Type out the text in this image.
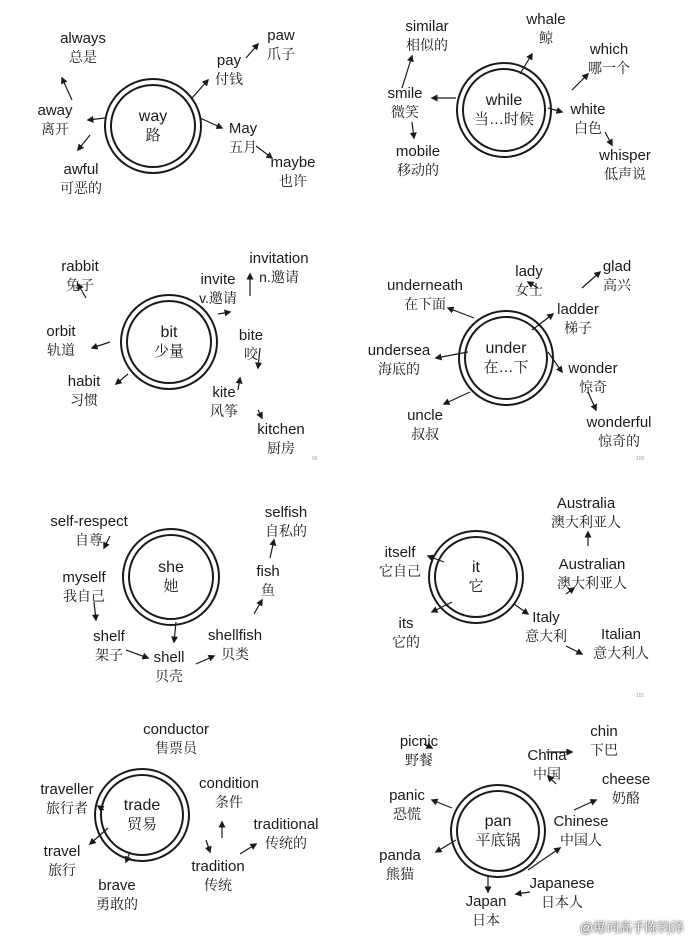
way
路
always
总是
away
离开
awful
可恶的
pay
付钱
paw
爪子
May
五月
maybe
也许
while
当…时候
similar
相似的
smile
微笑
mobile
移动的
whale
鲸
which
哪一个
white
白色
whisper
低声说
bit
少量
rabbit
兔子
orbit
轨道
habit
习惯
invitation
n.邀请
invite
v.邀请
bite
咬
kite
风筝
kitchen
厨房
99
under
在…下
underneath
在下面
lady
女士
glad
高兴
ladder
梯子
undersea
海底的	wonder
惊奇
wonderful
惊奇的
uncle
叔叔
100
she
她
self-respect
自尊
myself
我自己
shelf
架子 shell
贝壳
shellfish
贝类
fish
鱼
selfish
自私的
it
它
itself
它自己
its
它的
Australia
澳大利亚人
Australian
澳大利亚人
Italy
意大利	Italian
意大利人
101
trade
贸易
conductor
售票员
traveller
旅行者
travel
旅行
brave
勇敢的
condition
条件
traditional
传统的
tradition
传统
pan
平底锅
picnic
野餐
panic
恐慌
panda
熊猫
Japan
日本
China
中国
chin
下巴
cheese
奶酪
Chinese
中国人
Japanese
日本人
@爆词高手陈钧泽
